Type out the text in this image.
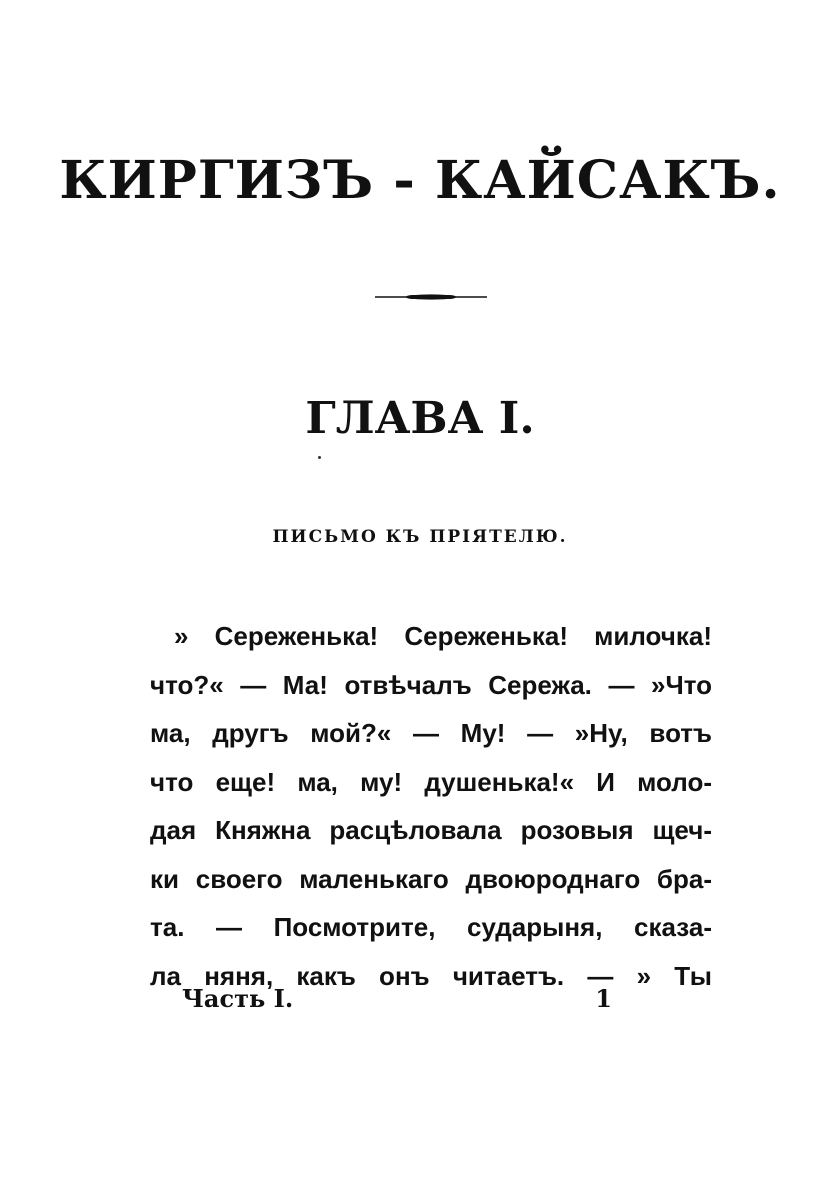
КИРГИЗЪ - КАЙСАКЪ.
ГЛАВА I.
ПИСЬМО КЪ ПРІЯТЕЛЮ.
» Сереженька! Сереженька! милочка!
что?« — Ма! отвѣчалъ Сережа. — »Что
ма, другъ мой?« — Му! — »Ну, вотъ
что еще! ма, му! душенька!« И моло-
дая Княжна расцѣловала розовыя щеч-
ки своего маленькаго двоюроднаго бра-
та. — Посмотрите, сударыня, сказа-
ла няня, какъ онъ читаетъ. — » Ты
Часть I.	1
